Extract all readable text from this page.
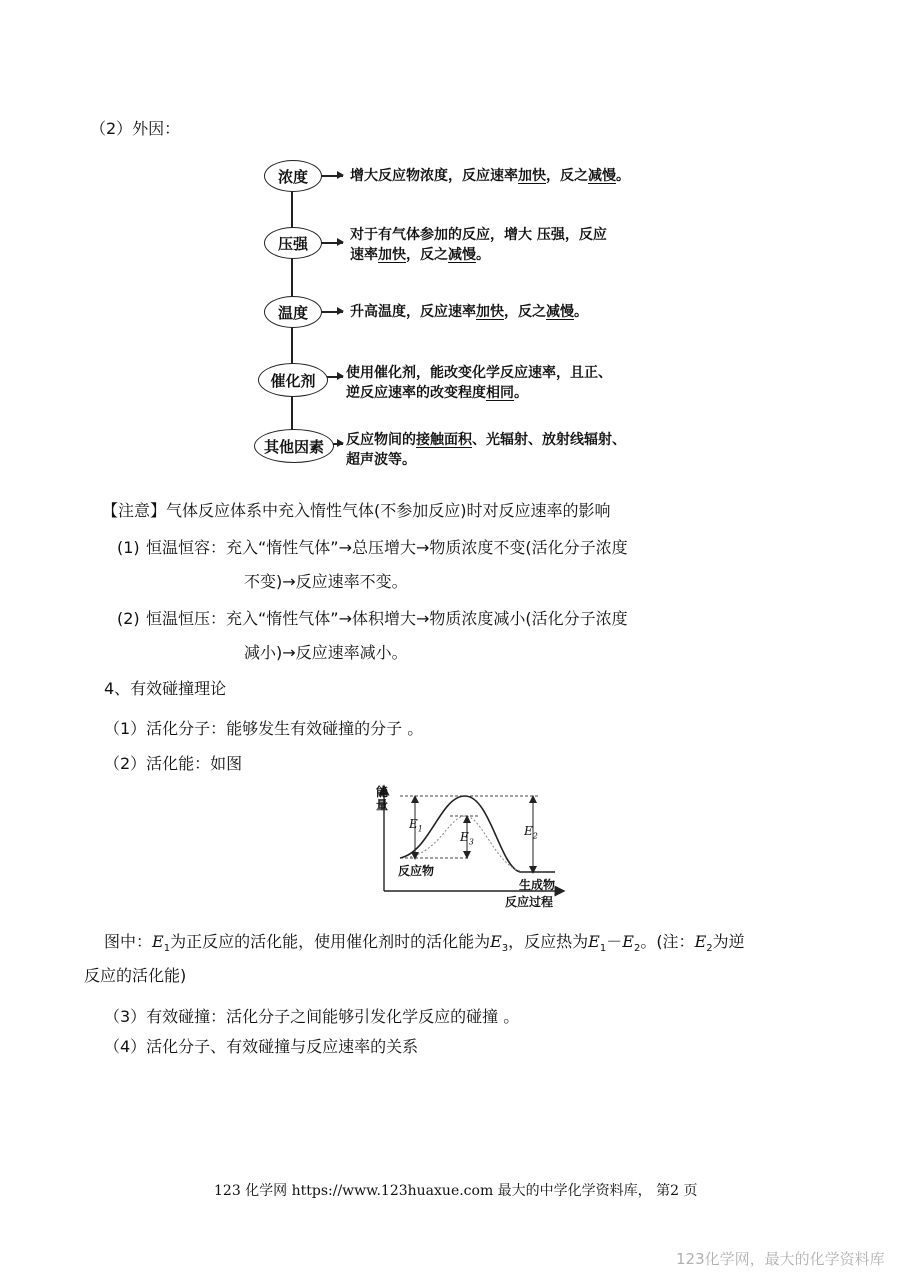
（2）外因：
浓度	增大反应物浓度，反应速率加快，反之减慢。
压强	对于有气体参加的反应，增大 压强，反应
速率加快，反之减慢。
温度	升高温度，反应速率加快，反之减慢。
催化剂 使用催化剂，能改变化学反应速率，且正、
逆反应速率的改变程度相同。
其他因素 反应物间的接触面积、光辐射、放射线辐射、
超声波等。
【注意】气体反应体系中充入惰性气体(不参加反应)时对反应速率的影响
(1) 恒温恒容：充入“惰性气体”→总压增大→物质浓度不变(活化分子浓度
不变)→反应速率不变。
(2) 恒温恒压：充入“惰性气体”→体积增大→物质浓度减小(活化分子浓度
减小)→反应速率减小。
4、有效碰撞理论
（1）活化分子：能够发生有效碰撞的分子 。
（2）活化能：如图
能
量
$E_1$
$E_3$
$E_2$
反应物
生成物
反应过程
图中：$E_1$为正反应的活化能，使用催化剂时的活化能为$E_3$，反应热为$E_1-E_2$。(注：$E_2$为逆
反应的活化能)
（3）有效碰撞：活化分子之间能够引发化学反应的碰撞 。
（4）活化分子、有效碰撞与反应速率的关系
123 化学网 https://www.123huaxue.com 最大的中学化学资料库， 第2 页
123化学网，最大的化学资料库
